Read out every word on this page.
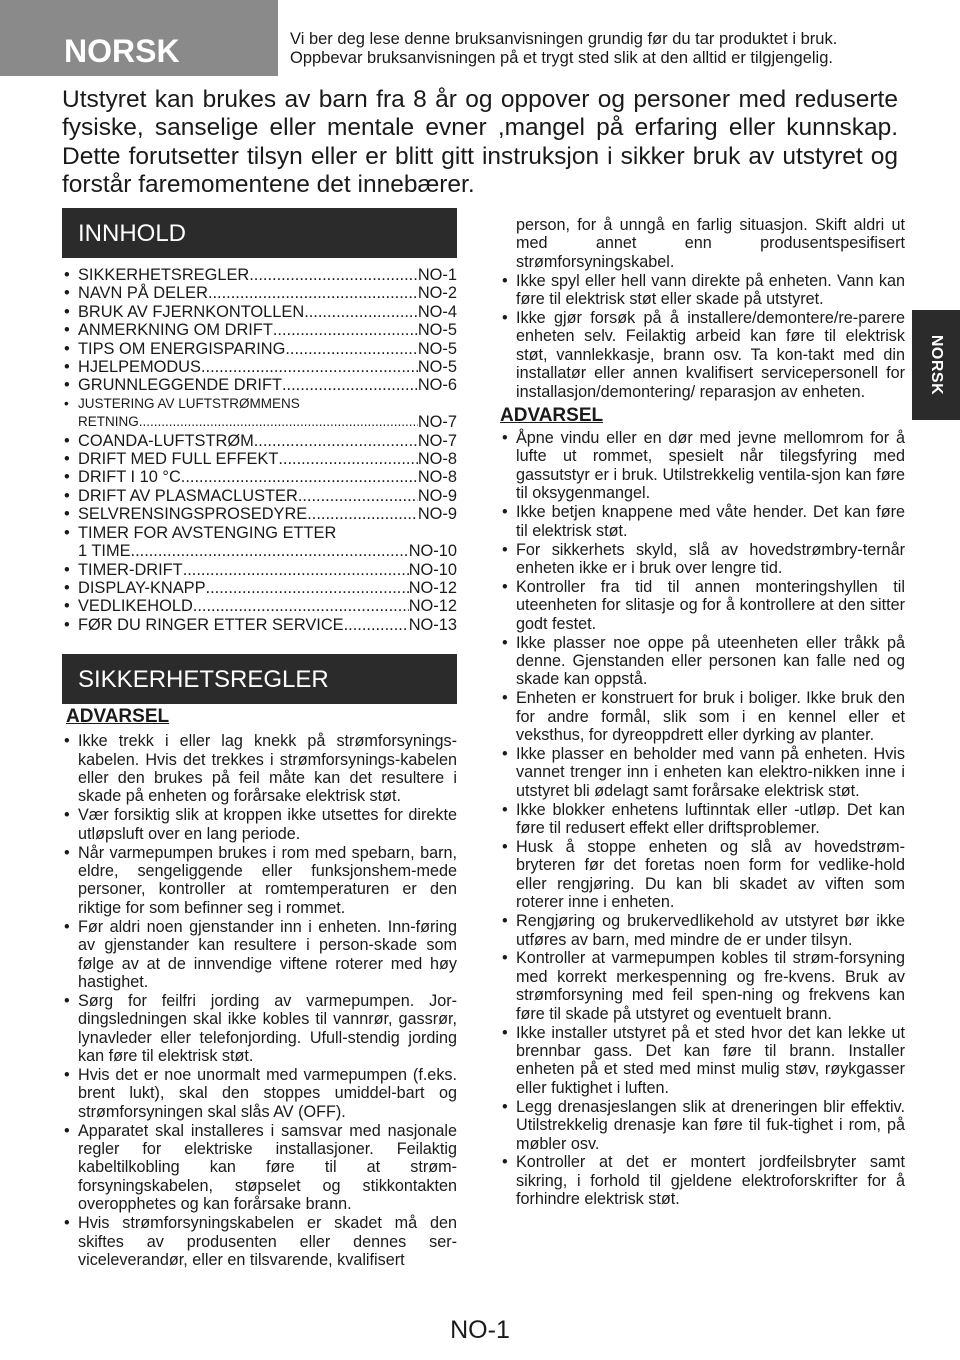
NORSK	Vi ber deg lese denne bruksanvisningen grundig før du tar produktet i bruk.
Oppbevar bruksanvisningen på et trygt sted slik at den alltid er tilgjengelig.
Utstyret kan brukes av barn fra 8 år og oppover og personer med reduserte fysiske, sanselige eller mentale evner ,mangel på erfaring eller kunnskap. Dette forutsetter tilsyn eller er blitt gitt instruksjon i sikker bruk av utstyret og forstår faremomentene det innebærer.
INNHOLD
• SIKKERHETSREGLER .....	NO-1
• NAVN PÅ DELER .....	NO-2
• BRUK AV FJERNKONTOLLEN .....	NO-4
• ANMERKNING OM DRIFT .....	NO-5
• TIPS OM ENERGISPARING .....	NO-5
• HJELPEMODUS .....	NO-5
• GRUNNLEGGENDE DRIFT .....	NO-6
• JUSTERING AV LUFTSTRØMMENS
RETNING .....	NO-7
• COANDA-LUFTSTRØM .....	NO-7
• DRIFT MED FULL EFFEKT .....	NO-8
• DRIFT I 10 °C .....	NO-8
• DRIFT AV PLASMACLUSTER .....	NO-9
• SELVRENSINGSPROSEDYRE .....	NO-9
• TIMER FOR AVSTENGING ETTER
1 TIME .....	NO-10
• TIMER-DRIFT .....	NO-10
• DISPLAY-KNAPP .....	NO-12
• VEDLIKEHOLD .....	NO-12
• FØR DU RINGER ETTER SERVICE .....	NO-13
SIKKERHETSREGLER
ADVARSEL
• Ikke trekk i eller lag knekk på strømforsynings-kabelen. Hvis det trekkes i strømforsynings-kabelen eller den brukes på feil måte kan det resultere i skade på enheten og forårsake elektrisk støt.
• Vær forsiktig slik at kroppen ikke utsettes for direkte utløpsluft over en lang periode.
• Når varmepumpen brukes i rom med spebarn, barn, eldre, sengeliggende eller funksjonshem-mede personer, kontroller at romtemperaturen er den riktige for som befinner seg i rommet.
• Før aldri noen gjenstander inn i enheten. Inn-føring av gjenstander kan resultere i person-skade som følge av at de innvendige viftene roterer med høy hastighet.
• Sørg for feilfri jording av varmepumpen. Jor-dingsledningen skal ikke kobles til vannrør, gassrør, lynavleder eller telefonjording. Ufull-stendig jording kan føre til elektrisk støt.
• Hvis det er noe unormalt med varmepumpen (f.eks. brent lukt), skal den stoppes umiddel-bart og strømforsyningen skal slås AV (OFF).
• Apparatet skal installeres i samsvar med nasjonale regler for elektriske installasjoner. Feilaktig kabeltilkobling kan føre til at strøm-forsyningskabelen, støpselet og stikkontakten overopphetes og kan forårsake brann.
• Hvis strømforsyningskabelen er skadet må den skiftes av produsenten eller dennes ser-viceleverandør, eller en tilsvarende, kvalifisert
person, for å unngå en farlig situasjon. Skift aldri ut med annet enn produsentspesifisert strømforsyningskabel.
• Ikke spyl eller hell vann direkte på enheten. Vann kan føre til elektrisk støt eller skade på utstyret.
• Ikke gjør forsøk på å installere/demontere/re-parere enheten selv. Feilaktig arbeid kan føre til elektrisk støt, vannlekkasje, brann osv. Ta kon-takt med din installatør eller annen kvalifisert servicepersonell for installasjon/demontering/ reparasjon av enheten.
ADVARSEL
• Åpne vindu eller en dør med jevne mellomrom for å lufte ut rommet, spesielt når tilegsfyring med gassutstyr er i bruk. Utilstrekkelig ventila-sjon kan føre til oksygenmangel.
• Ikke betjen knappene med våte hender. Det kan føre til elektrisk støt.
• For sikkerhets skyld, slå av hovedstrømbry-ternår enheten ikke er i bruk over lengre tid.
• Kontroller fra tid til annen monteringshyllen til uteenheten for slitasje og for å kontrollere at den sitter godt festet.
• Ikke plasser noe oppe på uteenheten eller tråkk på denne. Gjenstanden eller personen kan falle ned og skade kan oppstå.
• Enheten er konstruert for bruk i boliger. Ikke bruk den for andre formål, slik som i en kennel eller et veksthus, for dyreoppdrett eller dyrking av planter.
• Ikke plasser en beholder med vann på enheten. Hvis vannet trenger inn i enheten kan elektro-nikken inne i utstyret bli ødelagt samt forårsake elektrisk støt.
• Ikke blokker enhetens luftinntak eller -utløp. Det kan føre til redusert effekt eller driftsproblemer.
• Husk å stoppe enheten og slå av hovedstrøm-bryteren før det foretas noen form for vedlike-hold eller rengjøring. Du kan bli skadet av viften som roterer inne i enheten.
• Rengjøring og brukervedlikehold av utstyret bør ikke utføres av barn, med mindre de er under tilsyn.
• Kontroller at varmepumpen kobles til strøm-forsyning med korrekt merkespenning og fre-kvens. Bruk av strømforsyning med feil spen-ning og frekvens kan føre til skade på utstyret og eventuelt brann.
• Ikke installer utstyret på et sted hvor det kan lekke ut brennbar gass. Det kan føre til brann. Installer enheten på et sted med minst mulig støv, røykgasser eller fuktighet i luften.
• Legg drenasjeslangen slik at dreneringen blir effektiv. Utilstrekkelig drenasje kan føre til fuk-tighet i rom, på møbler osv.
• Kontroller at det er montert jordfeilsbryter samt sikring, i forhold til gjeldene elektroforskrifter for å forhindre elektrisk støt.
NORSK
NO-1
